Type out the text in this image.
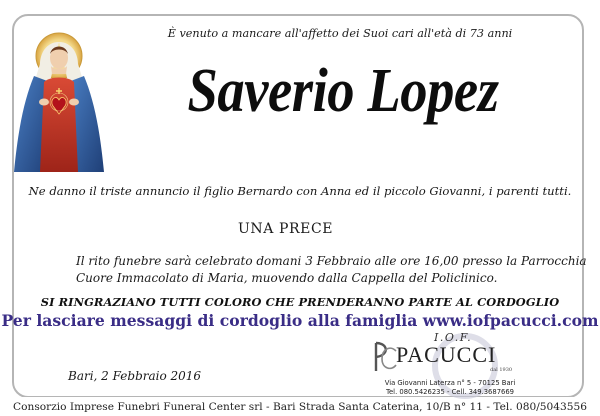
È venuto a mancare all'affetto dei Suoi cari all'età di 73 anni
Saverio Lopez
Ne danno il triste annuncio il figlio Bernardo con Anna ed il piccolo Giovanni, i parenti tutti.
UNA PRECE
Il rito funebre sarà celebrato domani 3 Febbraio alle ore 16,00 presso la Parrocchia
Cuore Immacolato di Maria, muovendo dalla Cappella del Policlinico.
SI RINGRAZIANO TUTTI COLORO CHE PRENDERANNO PARTE AL CORDOGLIO
Per lasciare messaggi di cordoglio alla famiglia www.iofpacucci.com
Bari, 2 Febbraio 2016
I.O.F.
PACUCCI
dal 1930
Via Giovanni Laterza n° 5 - 70125 Bari
Tel. 080.5426235 - Cell. 349.3687669
Consorzio Imprese Funebri Funeral Center srl - Bari Strada Santa Caterina, 10/B n° 11 - Tel. 080/5043556
